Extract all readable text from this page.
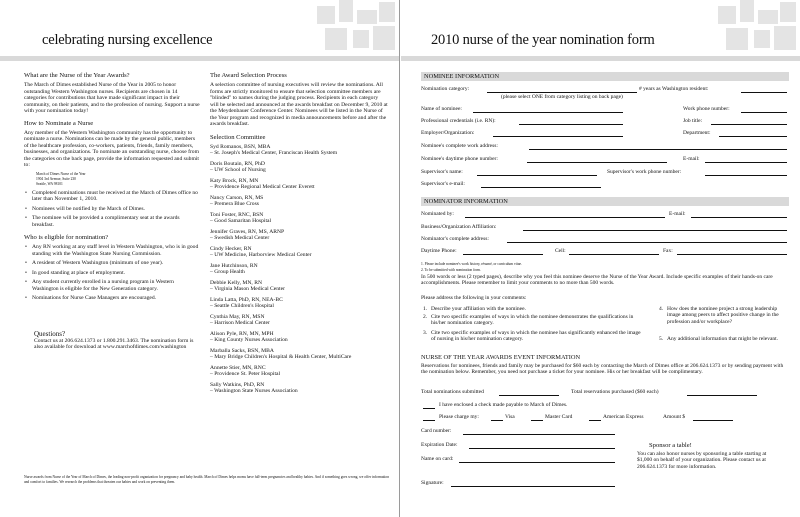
celebrating nursing excellence
What are the Nurse of the Year Awards?
The March of Dimes established Nurse of the Year in 2005 to honor outstanding Western Washington nurses. Recipients are chosen in 14 categories for contributions that have made significant impact in their community, on their patients, and to the profession of nursing. Support a nurse with your nomination today!
How to Nominate a Nurse
Any member of the Western Washington community has the opportunity to nominate a nurse. Nominations can be made by the general public, members of the healthcare profession, co-workers, patients, friends, family members, businesses, and organizations. To nominate an outstanding nurse, choose from the categories on the back page, provide the information requested and submit to:
March of Dimes Nurse of the Year
1904 3rd Avenue, Suite 230
Seattle, WA 98101
• Completed nominations must be received at the March of Dimes office no later than November 1, 2010.
• Nominees will be notified by the March of Dimes.
• The nominee will be provided a complimentary seat at the awards breakfast.
Who is eligible for nomination?
• Any RN working at any staff level in Western Washington, who is in good standing with the Washington State Nursing Commission.
• A resident of Western Washington (minimum of one year).
• In good standing at place of employment.
• Any student currently enrolled in a nursing program in Western Washington is eligible for the New Generation category.
• Nominations for Nurse Case Managers are encouraged.
Questions?
Contact us at 206.624.1373 or 1.800.291.3463. The nomination form is also available for download at www.marchofdimes.com/washington
The Award Selection Process
A selection committee of nursing executives will review the nominations. All forms are strictly monitored to ensure that selection committee members are "blinded" to names during the judging process. Recipients in each category will be selected and announced at the awards breakfast on December 9, 2010 at the Meydenbauer Conference Center. Nominees will be listed in the Nurse of the Year program and recognized in media announcements before and after the awards breakfast.
Selection Committee
Syd Romanos, BSN, MBA
– St. Joseph's Medical Center, Franciscan Health System
Doris Boutain, RN, PhD
– UW School of Nursing
Katy Brock, RN, MN
– Providence Regional Medical Center Everett
Nancy Carson, RN, MS
– Premera Blue Cross
Toni Foster, RNC, BSN
– Good Samaritan Hospital
Jennifer Graves, RN, MS, ARNP
– Swedish Medical Center
Cindy Hecker, RN
– UW Medicine, Harborview Medical Center
Jane Hutchinson, RN
– Group Health
Debbie Kelly, MN, RN
– Virginia Mason Medical Center
Linda Latta, PhD, RN, NEA-BC
– Seattle Children's Hospital
Cynthia May, RN, MSN
– Harrison Medical Center
Alison Pyle, RN, MN, MPH
– King County Nurses Association
Marballa Sacks, BSN, MBA
– Mary Bridge Children's Hospital & Health Center, MultiCare
Annette Stier, MN, RNC
– Providence St. Peter Hospital
Sally Watkins, PhD, RN
– Washington State Nurses Association
Nurse awards from Nurse of the Year of March of Dimes, the leading non-profit organization for pregnancy and baby health. March of Dimes helps moms have full-term pregnancies and healthy babies. And if something goes wrong, we offer information and comfort to families. We research the problems that threaten our babies and work on preventing them.
2010 nurse of the year nomination form
NOMINEE INFORMATION
Nomination category:	# years as Washington resident:
(please select ONE from category listing on back page)
Name of nominee:	Work phone number:
Professional credentials (i.e. RN):	Job title:
Employer/Organization:	Department:
Nominee's complete work address:
Nominee's daytime phone number:	E-mail:
Supervisor's name:	Supervisor's work phone number:
Supervisor's e-mail:
NOMINATOR INFORMATION
Nominated by:	E-mail:
Business/Organization Affiliation:
Nominator's complete address:
Daytime Phone:	Cell:	Fax:
1. Please include nominee's work history, résumé, or curriculum vitae.
2. To be submitted with nomination form.
In 500 words or less (2 typed pages), describe why you feel this nominee deserve the Nurse of the Year Award. Include specific examples of their hands-on care accomplishments. Please remember to limit your comments to no more than 500 words.
Please address the following in your comments:
1. Describe your affiliation with the nominee.
2. Cite two specific examples of ways in which the nominee demonstrates the qualifications in his/her nomination category.
3. Cite two specific examples of ways in which the nominee has significantly enhanced the image of nursing in his/her nomination category.
4. How does the nominee project a strong leadership image among peers to affect positive change in the profession and/or workplace?
5. Any additional information that might be relevant.
NURSE OF THE YEAR AWARDS EVENT INFORMATION
Reservations for nominees, friends and family may be purchased for $60 each by contacting the March of Dimes office at 206.624.1373 or by sending payment with the nomination below. Remember, you need not purchase a ticket for your nominee. His or her breakfast will be complimentary.
Total nominations submitted	Total reservations purchased ($60 each)
I have enclosed a check made payable to March of Dimes.
Please charge my:	Visa	Master Card	American Express	Amount $
Card number:
Expiration Date:
Name on card:
Signature:
Sponsor a table!
You can also honor nurses by sponsoring a table starting at $1,000 on behalf of your organization. Please contact us at 206.624.1373 for more information.
